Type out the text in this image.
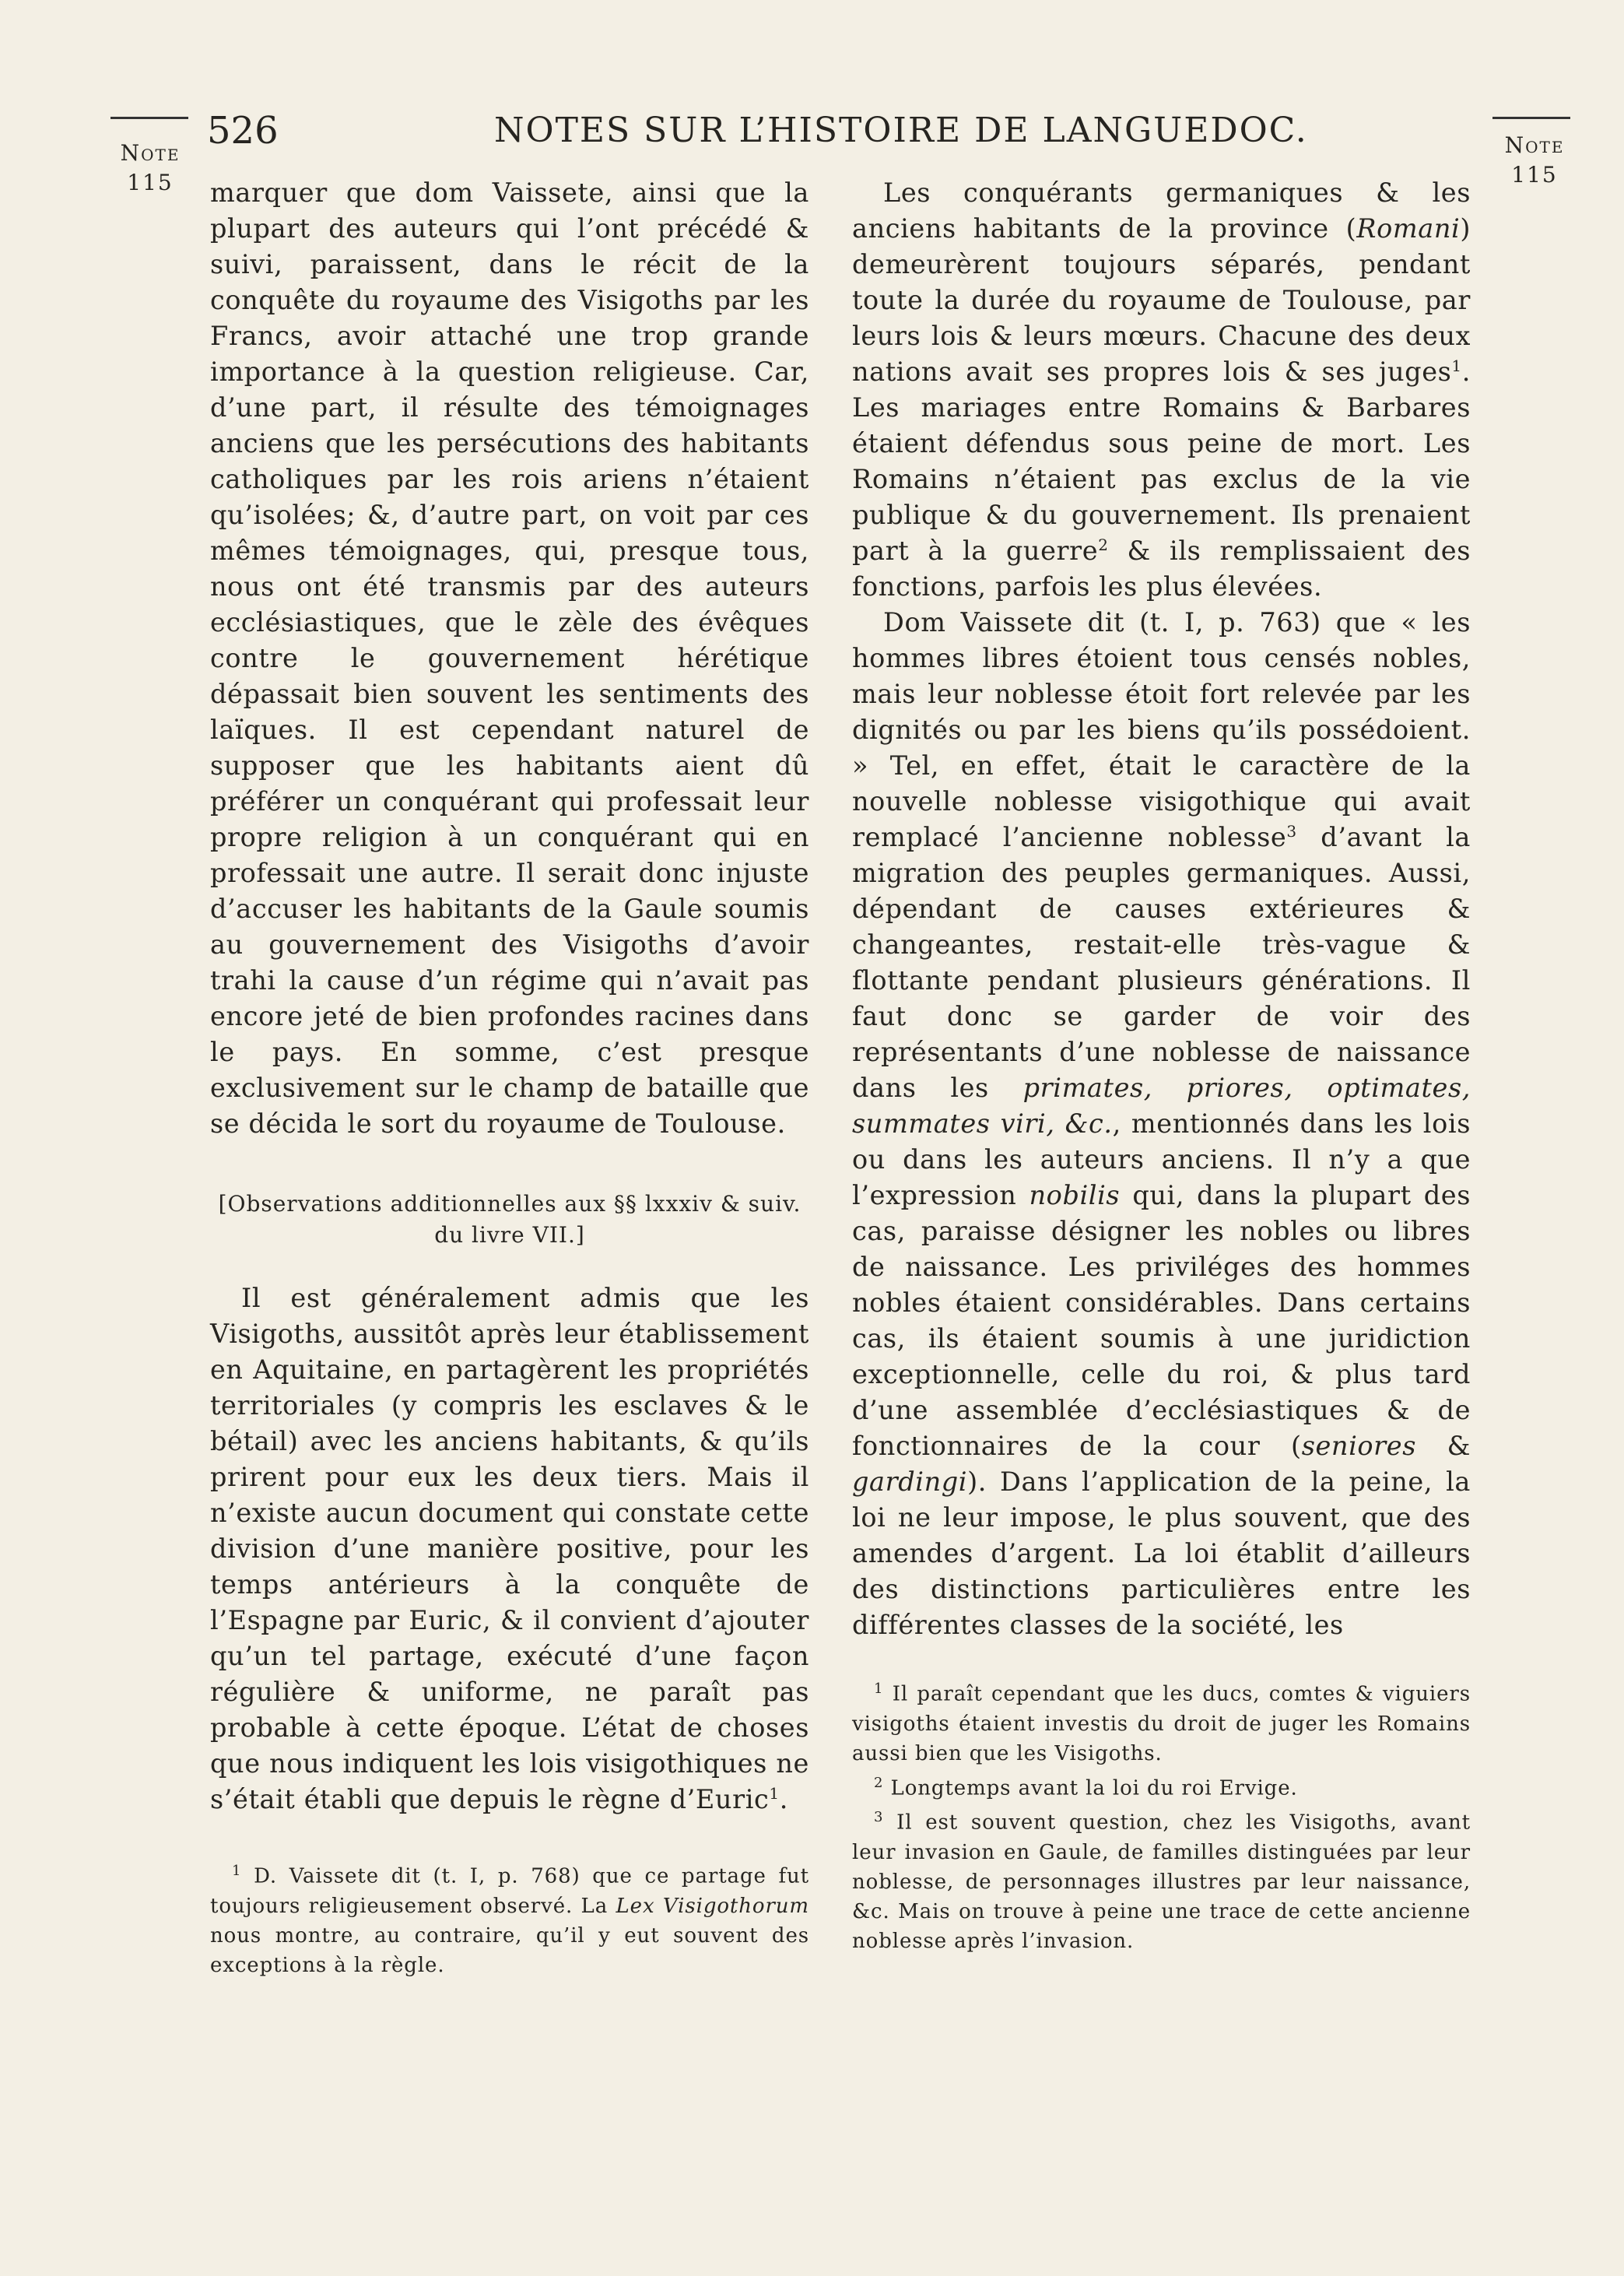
526	NOTES SUR L’HISTOIRE DE LANGUEDOC.
Note
115
Note
115

marquer que dom Vaissete, ainsi que la plupart des auteurs qui l’ont précédé & suivi, paraissent, dans le récit de la conquête du royaume des Visigoths par les Francs, avoir attaché une trop grande importance à la question religieuse. Car, d’une part, il résulte des témoignages anciens que les persécutions des habitants catholiques par les rois ariens n’étaient qu’isolées; &, d’autre part, on voit par ces mêmes témoignages, qui, presque tous, nous ont été transmis par des auteurs ecclésiastiques, que le zèle des évêques contre le gouvernement hérétique dépassait bien souvent les sentiments des laïques. Il est cependant naturel de supposer que les habitants aient dû préférer un conquérant qui professait leur propre religion à un conquérant qui en professait une autre. Il serait donc injuste d’accuser les habitants de la Gaule soumis au gouvernement des Visigoths d’avoir trahi la cause d’un régime qui n’avait pas encore jeté de bien profondes racines dans le pays. En somme, c’est presque exclusivement sur le champ de bataille que se décida le sort du royaume de Toulouse.

[Observations additionnelles aux §§ lxxxiv & suiv.
du livre VII.]

Il est généralement admis que les Visigoths, aussitôt après leur établissement en Aquitaine, en partagèrent les propriétés territoriales (y compris les esclaves & le bétail) avec les anciens habitants, & qu’ils prirent pour eux les deux tiers. Mais il n’existe aucun document qui constate cette division d’une manière positive, pour les temps antérieurs à la conquête de l’Espagne par Euric, & il convient d’ajouter qu’un tel partage, exécuté d’une façon régulière & uniforme, ne paraît pas probable à cette époque. L’état de choses que nous indiquent les lois visigothiques ne s’était établi que depuis le règne d’Euric$^1$.

$^1$ D. Vaissete dit (t. I, p. 768) que ce partage fut toujours religieusement observé. La Lex Visigothorum nous montre, au contraire, qu’il y eut souvent des exceptions à la règle.

Les conquérants germaniques & les anciens habitants de la province (Romani) demeurèrent toujours séparés, pendant toute la durée du royaume de Toulouse, par leurs lois & leurs mœurs. Chacune des deux nations avait ses propres lois & ses juges$^1$. Les mariages entre Romains & Barbares étaient défendus sous peine de mort. Les Romains n’étaient pas exclus de la vie publique & du gouvernement. Ils prenaient part à la guerre$^2$ & ils remplissaient des fonctions, parfois les plus élevées.

Dom Vaissete dit (t. I, p. 763) que « les hommes libres étoient tous censés nobles, mais leur noblesse étoit fort relevée par les dignités ou par les biens qu’ils possédoient. » Tel, en effet, était le caractère de la nouvelle noblesse visigothique qui avait remplacé l’ancienne noblesse$^3$ d’avant la migration des peuples germaniques. Aussi, dépendant de causes extérieures & changeantes, restait-elle très-vague & flottante pendant plusieurs générations. Il faut donc se garder de voir des représentants d’une noblesse de naissance dans les primates, priores, optimates, summates viri, &c., mentionnés dans les lois ou dans les auteurs anciens. Il n’y a que l’expression nobilis qui, dans la plupart des cas, paraisse désigner les nobles ou libres de naissance. Les priviléges des hommes nobles étaient considérables. Dans certains cas, ils étaient soumis à une juridiction exceptionnelle, celle du roi, & plus tard d’une assemblée d’ecclésiastiques & de fonctionnaires de la cour (seniores & gardingi). Dans l’application de la peine, la loi ne leur impose, le plus souvent, que des amendes d’argent. La loi établit d’ailleurs des distinctions particulières entre les différentes classes de la société, les

$^1$ Il paraît cependant que les ducs, comtes & viguiers visigoths étaient investis du droit de juger les Romains aussi bien que les Visigoths.

$^2$ Longtemps avant la loi du roi Ervige.

$^3$ Il est souvent question, chez les Visigoths, avant leur invasion en Gaule, de familles distinguées par leur noblesse, de personnages illustres par leur naissance, &c. Mais on trouve à peine une trace de cette ancienne noblesse après l’invasion.
